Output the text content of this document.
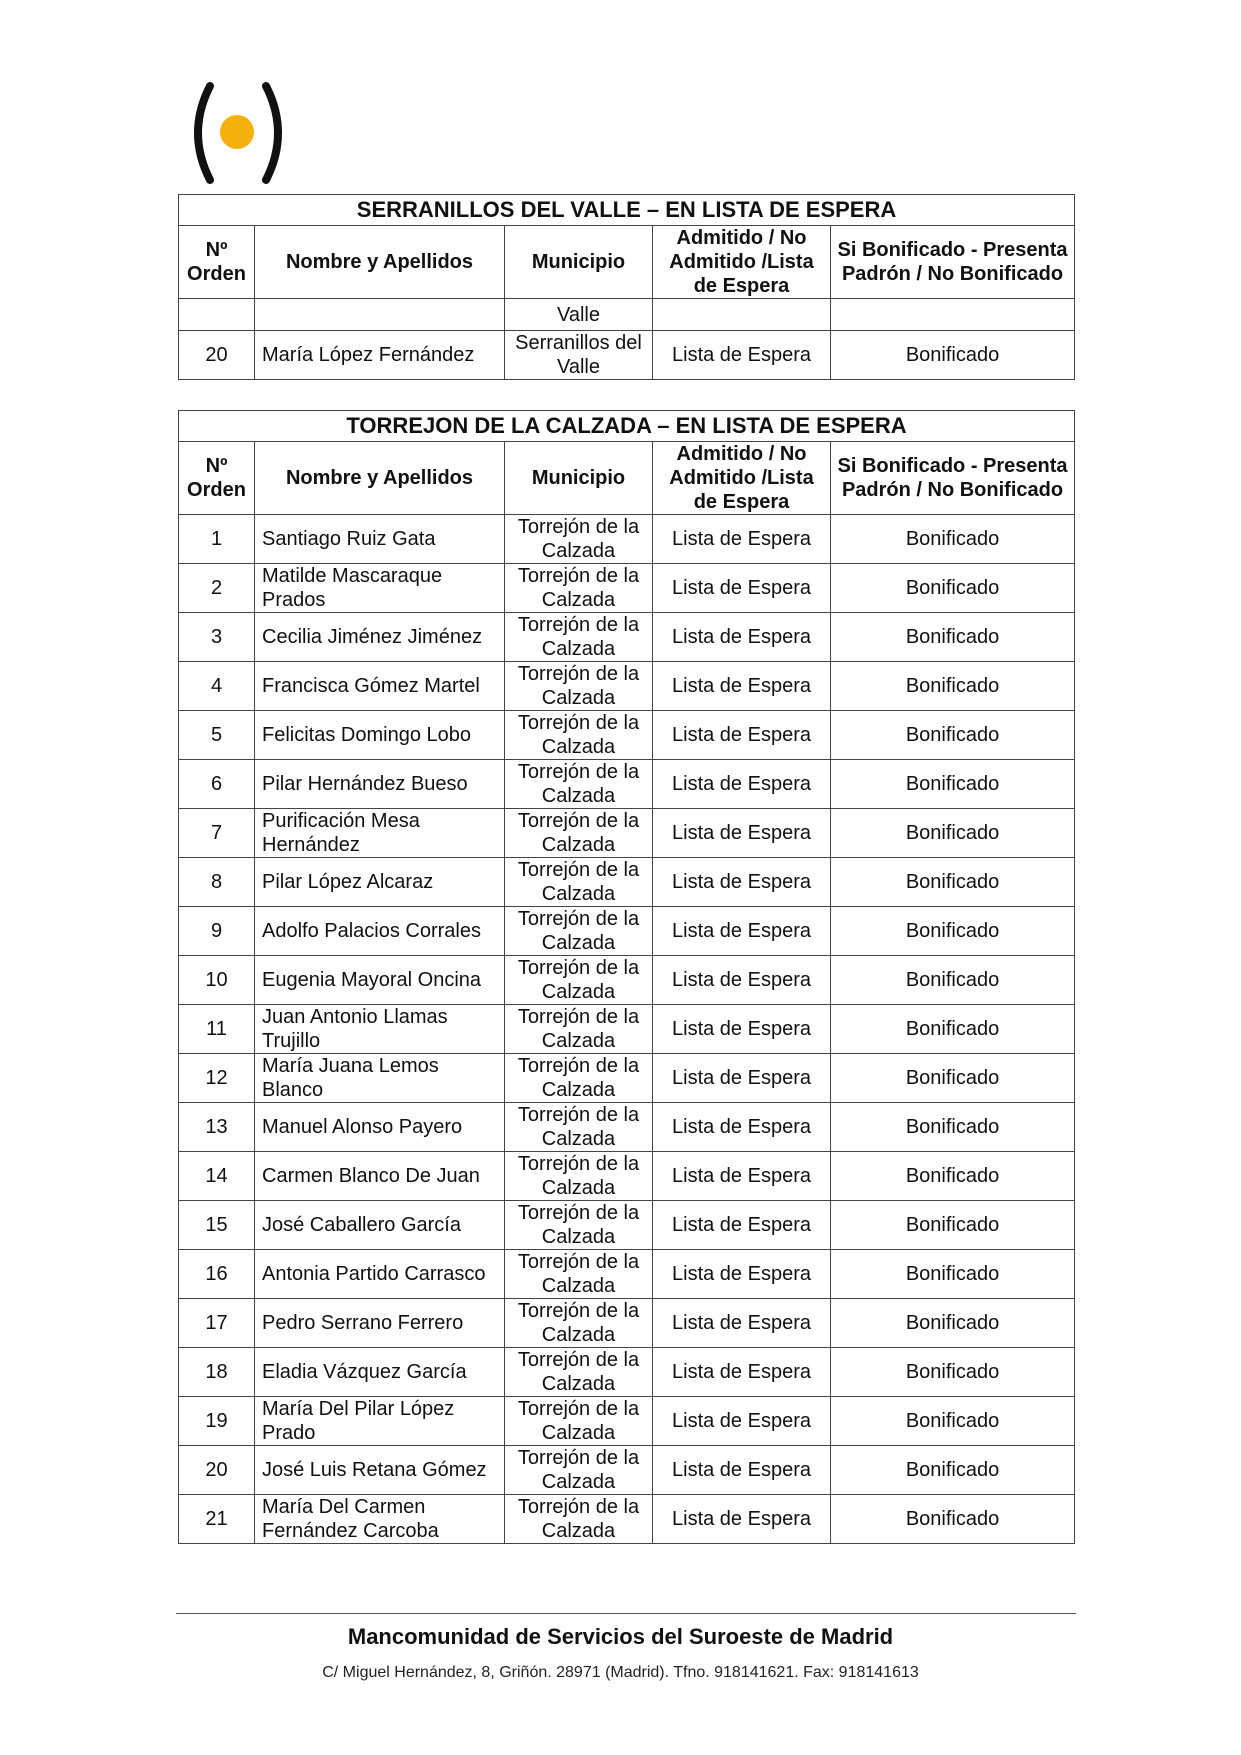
SERRANILLOS DEL VALLE – EN LISTA DE ESPERA				
Nº Orden	Nombre y Apellidos	Municipio	Admitido / No Admitido /Lista de Espera	Si Bonificado - Presenta Padrón / No Bonificado
		Valle		
20	María López Fernández	Serranillos del Valle	Lista de Espera	Bonificado
TORREJON DE LA CALZADA – EN LISTA DE ESPERA				
Nº Orden	Nombre y Apellidos	Municipio	Admitido / No Admitido /Lista de Espera	Si Bonificado - Presenta Padrón / No Bonificado
1	Santiago Ruiz Gata	Torrejón de la Calzada	Lista de Espera	Bonificado
2	Matilde Mascaraque Prados	Torrejón de la Calzada	Lista de Espera	Bonificado
3	Cecilia Jiménez Jiménez	Torrejón de la Calzada	Lista de Espera	Bonificado
4	Francisca Gómez Martel	Torrejón de la Calzada	Lista de Espera	Bonificado
5	Felicitas Domingo Lobo	Torrejón de la Calzada	Lista de Espera	Bonificado
6	Pilar Hernández Bueso	Torrejón de la Calzada	Lista de Espera	Bonificado
7	Purificación Mesa Hernández	Torrejón de la Calzada	Lista de Espera	Bonificado
8	Pilar López Alcaraz	Torrejón de la Calzada	Lista de Espera	Bonificado
9	Adolfo Palacios Corrales	Torrejón de la Calzada	Lista de Espera	Bonificado
10	Eugenia Mayoral Oncina	Torrejón de la Calzada	Lista de Espera	Bonificado
11	Juan Antonio Llamas Trujillo	Torrejón de la Calzada	Lista de Espera	Bonificado
12	María Juana Lemos Blanco	Torrejón de la Calzada	Lista de Espera	Bonificado
13	Manuel Alonso Payero	Torrejón de la Calzada	Lista de Espera	Bonificado
14	Carmen Blanco De Juan	Torrejón de la Calzada	Lista de Espera	Bonificado
15	José Caballero García	Torrejón de la Calzada	Lista de Espera	Bonificado
16	Antonia Partido Carrasco	Torrejón de la Calzada	Lista de Espera	Bonificado
17	Pedro Serrano Ferrero	Torrejón de la Calzada	Lista de Espera	Bonificado
18	Eladia Vázquez García	Torrejón de la Calzada	Lista de Espera	Bonificado
19	María Del Pilar López Prado	Torrejón de la Calzada	Lista de Espera	Bonificado
20	José Luis Retana Gómez	Torrejón de la Calzada	Lista de Espera	Bonificado
21	María Del Carmen Fernández Carcoba	Torrejón de la Calzada	Lista de Espera	Bonificado
Mancomunidad de Servicios del Suroeste de Madrid
C/ Miguel Hernández, 8, Griñón. 28971 (Madrid). Tfno. 918141621. Fax: 918141613
